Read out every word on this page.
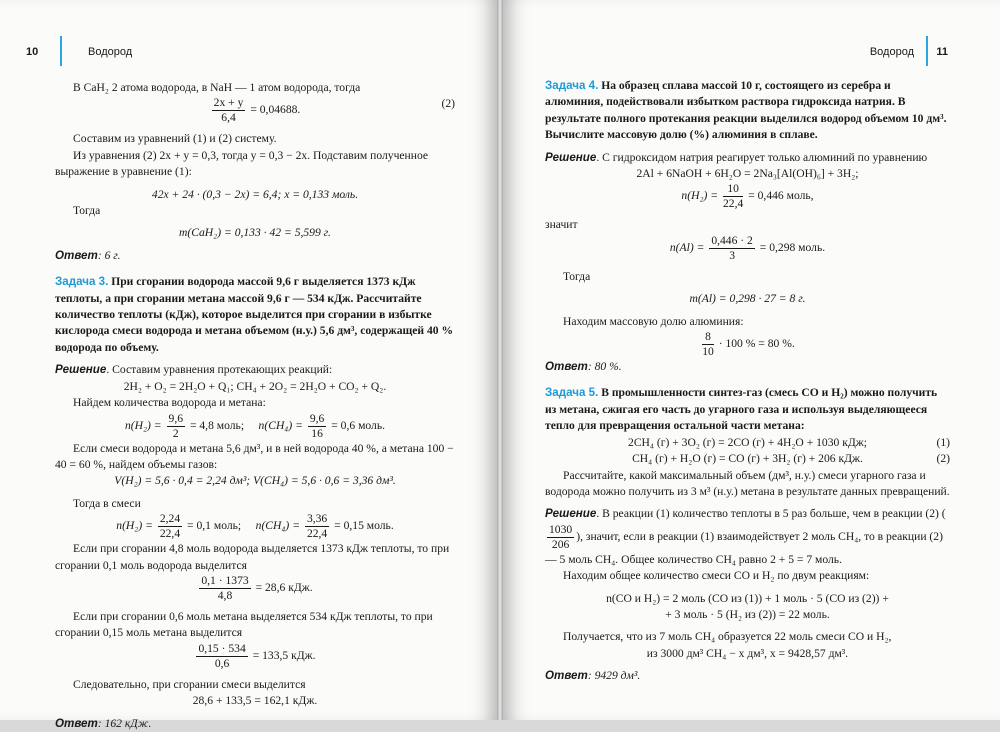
10	Водород

В CaH₂ 2 атома водорода, в NaH — 1 атом водорода, тогда

$\frac{2x + y}{6,4} = 0,04688$.	(2)

Составим из уравнений (1) и (2) систему.

Из уравнения (2) 2x + y = 0,3, тогда y = 0,3 − 2x. Подставим полученное выражение в уравнение (1):

42x + 24 · (0,3 − 2x) = 6,4; x = 0,133 моль.

Тогда

m(CaH₂) = 0,133 · 42 = 5,599 г.

Ответ: 6 г.

Задача 3. При сгорании водорода массой 9,6 г выделяется 1373 кДж теплоты, а при сгорании метана массой 9,6 г — 534 кДж. Рассчитайте количество теплоты (кДж), которое выделится при сгорании в избытке кислорода смеси водорода и метана объемом (н.у.) 5,6 дм³, содержащей 40 % водорода по объему.

Решение. Составим уравнения протекающих реакций:

2H₂ + O₂ = 2H₂O + Q₁; CH₄ + 2O₂ = 2H₂O + CO₂ + Q₂.

Найдем количества водорода и метана:

$n(H_2) = \frac{9,6}{2} = 4,8$ моль; $n(CH_4) = \frac{9,6}{16} = 0,6$ моль.

Если смеси водорода и метана 5,6 дм³, и в ней водорода 40 %, а метана 100 − 40 = 60 %, найдем объемы газов:

V(H₂) = 5,6 · 0,4 = 2,24 дм³; V(CH₄) = 5,6 · 0,6 = 3,36 дм³.

Тогда в смеси

$n(H_2) = \frac{2,24}{22,4} = 0,1$ моль; $n(CH_4) = \frac{3,36}{22,4} = 0,15$ моль.

Если при сгорании 4,8 моль водорода выделяется 1373 кДж теплоты, то при сгорании 0,1 моль водорода выделится

$\frac{0,1 \cdot 1373}{4,8} = 28,6$ кДж.

Если при сгорании 0,6 моль метана выделяется 534 кДж теплоты, то при сгорании 0,15 моль метана выделится

$\frac{0,15 \cdot 534}{0,6} = 133,5$ кДж.

Следовательно, при сгорании смеси выделится

28,6 + 133,5 = 162,1 кДж.

Ответ: 162 кДж.

Водород 11

Задача 4. На образец сплава массой 10 г, состоящего из серебра и алюминия, подействовали избытком раствора гидроксида натрия. В результате полного протекания реакции выделился водород объемом 10 дм³. Вычислите массовую долю (%) алюминия в сплаве.

Решение. С гидроксидом натрия реагирует только алюминий по уравнению

2Al + 6NaOH + 6H₂O = 2Na₃[Al(OH)₆] + 3H₂;

$n(H_2) = \frac{10}{22,4} = 0,446$ моль,

значит

$n(Al) = \frac{0,446 \cdot 2}{3} = 0,298$ моль.

Тогда

m(Al) = 0,298 · 27 = 8 г.

Находим массовую долю алюминия:

$\frac{8}{10} \cdot 100$ % = 80 %.

Ответ: 80 %.

Задача 5. В промышленности синтез-газ (смесь CO и H₂) можно получить из метана, сжигая его часть до угарного газа и используя выделяющееся тепло для превращения остальной части метана:

2CH₄ (г) + 3O₂ (г) = 2CO (г) + 4H₂O + 1030 кДж;	(1)
CH₄ (г) + H₂O (г) = CO (г) + 3H₂ (г) + 206 кДж.	(2)

Рассчитайте, какой максимальный объем (дм³, н.у.) смеси угарного газа и водорода можно получить из 3 м³ (н.у.) метана в результате данных превращений.

Решение. В реакции (1) количество теплоты в 5 раз больше, чем в реакции (2) (
$\frac{1030}{206}$ ), значит, если в реакции (1) взаимодействует 2 моль CH₄, то в реакции (2) — 5 моль CH₄. Общее количество CH₄ равно 2 + 5 = 7 моль.

Находим общее количество смеси CO и H₂ по двум реакциям:

n(CO и H₂) = 2 моль (CO из (1)) + 1 моль · 5 (CO из (2)) +

+ 3 моль · 5 (H₂ из (2)) = 22 моль.

Получается, что из 7 моль CH₄ образуется 22 моль смеси CO и H₂,

из 3000 дм³ CH₄ − x дм³, x = 9428,57 дм³.

Ответ: 9429 дм³.
